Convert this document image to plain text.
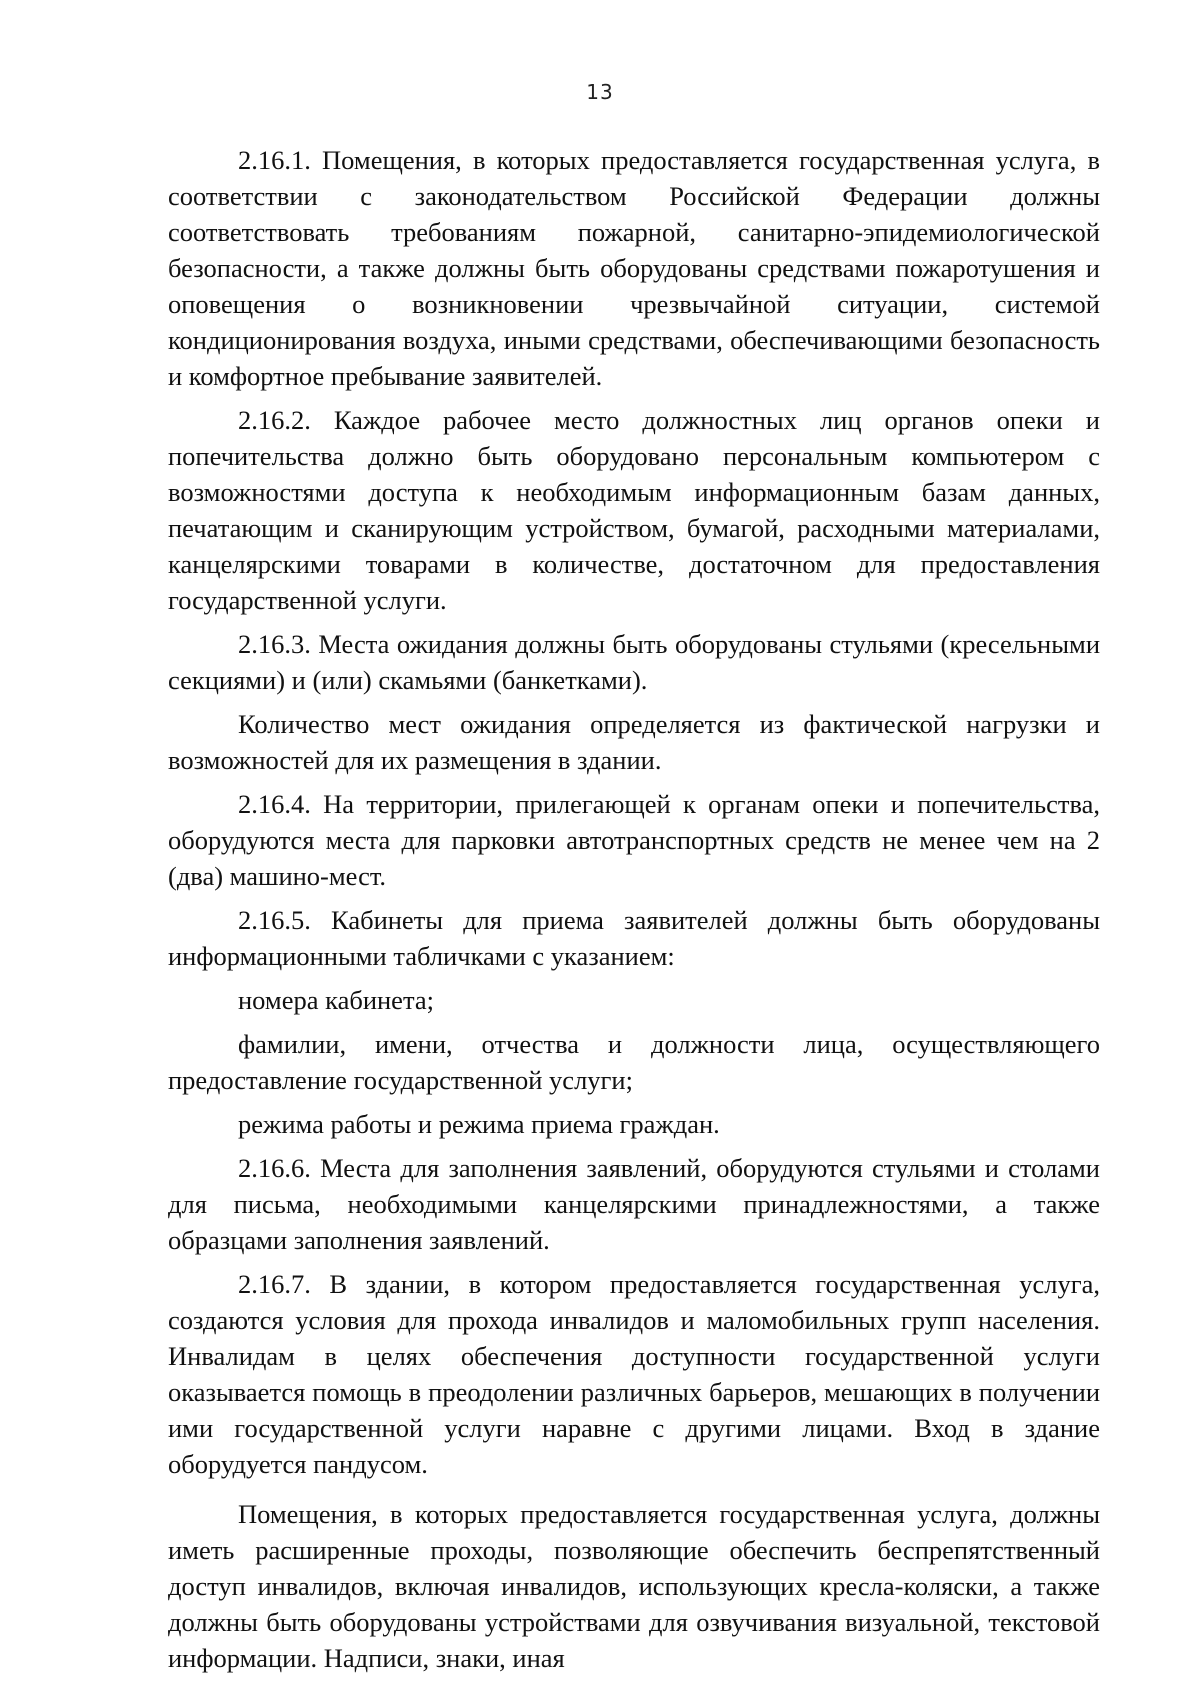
13

2.16.1. Помещения, в которых предоставляется государственная услуга, в соответствии с законодательством Российской Федерации должны соответствовать требованиям пожарной, санитарно-эпидемиологической безопасности, а также должны быть оборудованы средствами пожаротушения и оповещения о возникновении чрезвычайной ситуации, системой кондиционирования воздуха, иными средствами, обеспечивающими безопасность и комфортное пребывание заявителей.

2.16.2. Каждое рабочее место должностных лиц органов опеки и попечительства должно быть оборудовано персональным компьютером с возможностями доступа к необходимым информационным базам данных, печатающим и сканирующим устройством, бумагой, расходными материалами, канцелярскими товарами в количестве, достаточном для предоставления государственной услуги.

2.16.3. Места ожидания должны быть оборудованы стульями (кресельными секциями) и (или) скамьями (банкетками).

Количество мест ожидания определяется из фактической нагрузки и возможностей для их размещения в здании.

2.16.4. На территории, прилегающей к органам опеки и попечительства, оборудуются места для парковки автотранспортных средств не менее чем на 2 (два) машино-мест.

2.16.5. Кабинеты для приема заявителей должны быть оборудованы информационными табличками с указанием:

номера кабинета;

фамилии, имени, отчества и должности лица, осуществляющего предоставление государственной услуги;

режима работы и режима приема граждан.

2.16.6. Места для заполнения заявлений, оборудуются стульями и столами для письма, необходимыми канцелярскими принадлежностями, а также образцами заполнения заявлений.

2.16.7. В здании, в котором предоставляется государственная услуга, создаются условия для прохода инвалидов и маломобильных групп населения. Инвалидам в целях обеспечения доступности государственной услуги оказывается помощь в преодолении различных барьеров, мешающих в получении ими государственной услуги наравне с другими лицами. Вход в здание оборудуется пандусом.

Помещения, в которых предоставляется государственная услуга, должны иметь расширенные проходы, позволяющие обеспечить беспрепятственный доступ инвалидов, включая инвалидов, использующих кресла-коляски, а также должны быть оборудованы устройствами для озвучивания визуальной, текстовой информации. Надписи, знаки, иная
